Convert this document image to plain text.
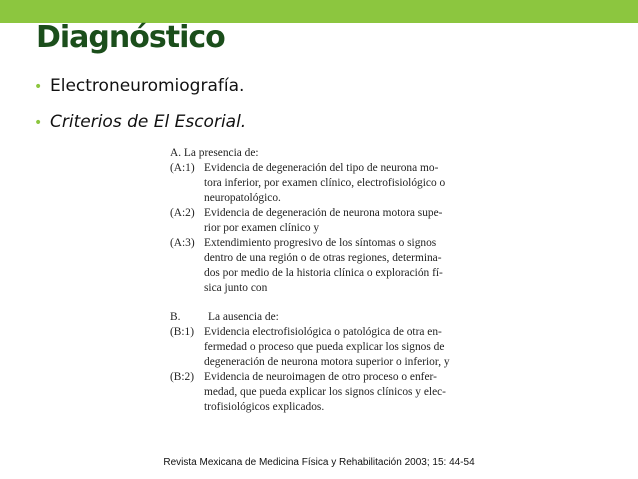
Diagnóstico
• Electroneuromiografía.
• Criterios de El Escorial.
A. La presencia de:
(A:1) Evidencia de degeneración del tipo de neurona mo-
tora inferior, por examen clínico, electrofisiológico o
neuropatológico.
(A:2) Evidencia de degeneración de neurona motora supe-
rior por examen clínico y
(A:3) Extendimiento progresivo de los síntomas o signos
dentro de una región o de otras regiones, determina-
dos por medio de la historia clínica o exploración fí-
sica junto con
B. La ausencia de:
(B:1) Evidencia electrofisiológica o patológica de otra en-
fermedad o proceso que pueda explicar los signos de
degeneración de neurona motora superior o inferior, y
(B:2) Evidencia de neuroimagen de otro proceso o enfer-
medad, que pueda explicar los signos clínicos y elec-
trofisiológicos explicados.
Revista Mexicana de Medicina Física y Rehabilitación 2003; 15: 44-54
